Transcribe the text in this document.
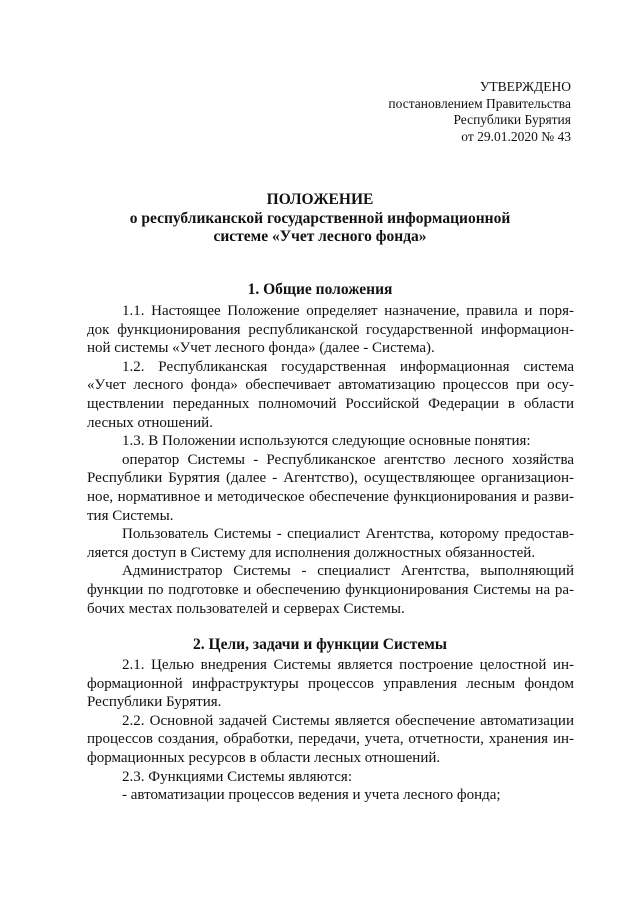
УТВЕРЖДЕНО
постановлением Правительства
Республики Бурятия
от 29.01.2020 № 43
ПОЛОЖЕНИЕ
о республиканской государственной информационной
системе «Учет лесного фонда»
1. Общие положения
1.1. Настоящее Положение определяет назначение, правила и поря-
док функционирования республиканской государственной информацион-
ной системы «Учет лесного фонда» (далее - Система).
1.2. Республиканская государственная информационная система
«Учет лесного фонда» обеспечивает автоматизацию процессов при осу-
ществлении переданных полномочий Российской Федерации в области
лесных отношений.
1.3. В Положении используются следующие основные понятия:
оператор Системы - Республиканское агентство лесного хозяйства
Республики Бурятия (далее - Агентство), осуществляющее организацион-
ное, нормативное и методическое обеспечение функционирования и разви-
тия Системы.
Пользователь Системы - специалист Агентства, которому предостав-
ляется доступ в Систему для исполнения должностных обязанностей.
Администратор Системы - специалист Агентства, выполняющий
функции по подготовке и обеспечению функционирования Системы на ра-
бочих местах пользователей и серверах Системы.
2. Цели, задачи и функции Системы
2.1. Целью внедрения Системы является построение целостной ин-
формационной инфраструктуры процессов управления лесным фондом
Республики Бурятия.
2.2. Основной задачей Системы является обеспечение автоматизации
процессов создания, обработки, передачи, учета, отчетности, хранения ин-
формационных ресурсов в области лесных отношений.
2.3. Функциями Системы являются:
- автоматизации процессов ведения и учета лесного фонда;
